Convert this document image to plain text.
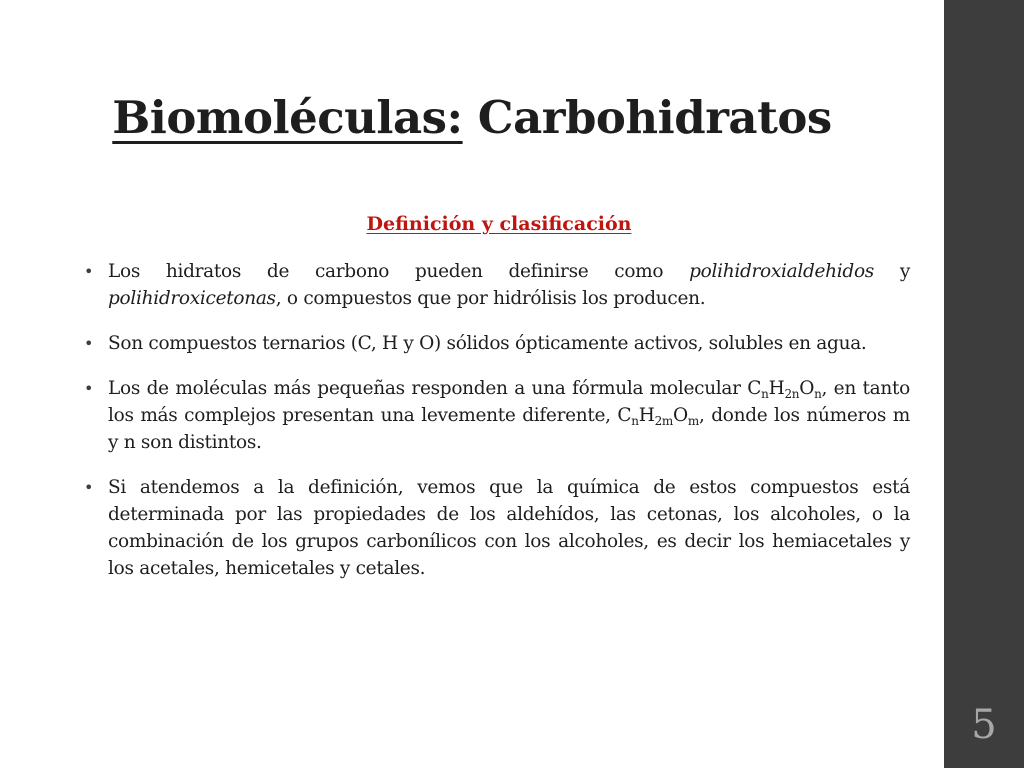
Biomoléculas: Carbohidratos

Definición y clasificación

• Los hidratos de carbono pueden definirse como polihidroxialdehidos y polihidroxicetonas, o compuestos que por hidrólisis los producen.
• Son compuestos ternarios (C, H y O) sólidos ópticamente activos, solubles en agua.
• Los de moléculas más pequeñas responden a una fórmula molecular $C_nH_{2n}O_n$, en tanto los más complejos presentan una levemente diferente, $C_nH_{2m}O_m$, donde los números m y n son distintos.
• Si atendemos a la definición, vemos que la química de estos compuestos está determinada por las propiedades de los aldehídos, las cetonas, los alcoholes, o la combinación de los grupos carbonílicos con los alcoholes, es decir los hemiacetales y los acetales, hemicetales y cetales.
5
